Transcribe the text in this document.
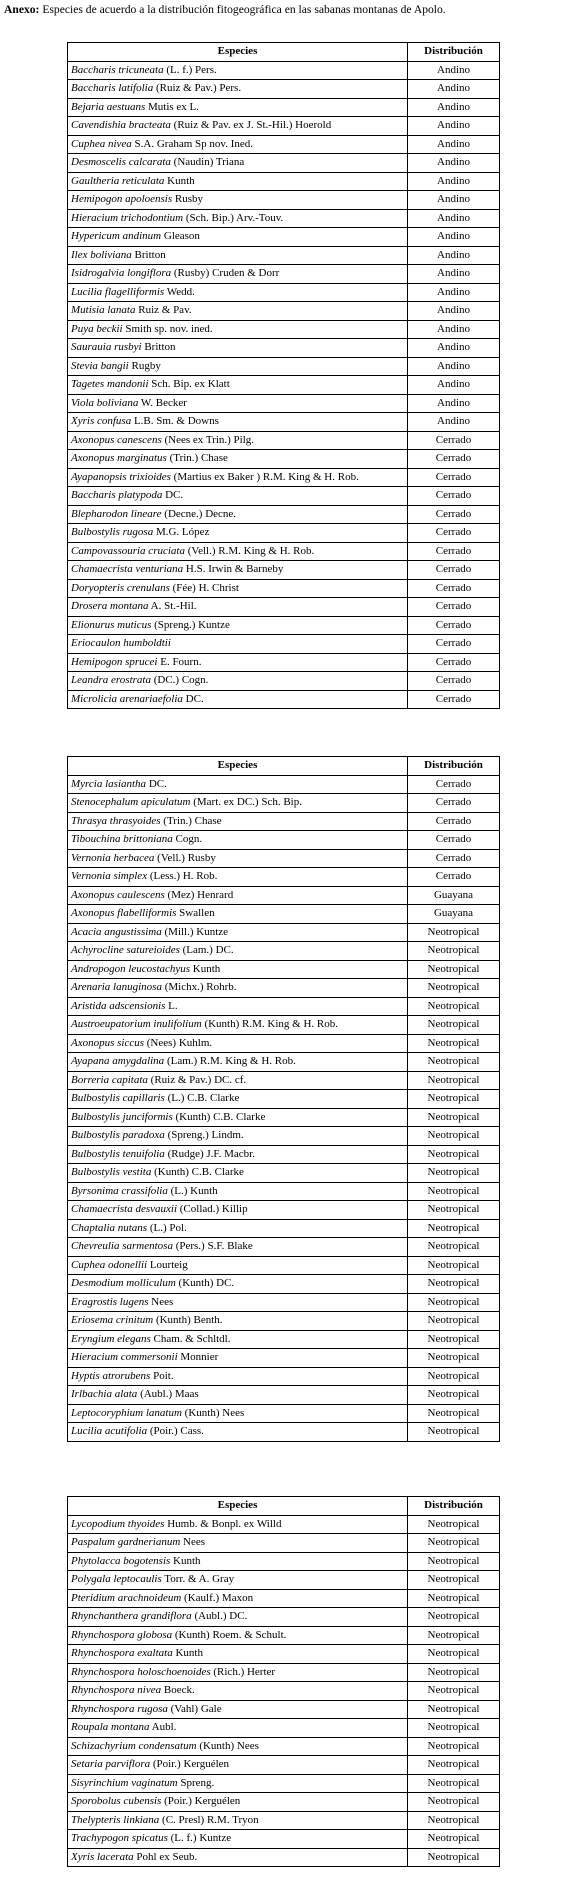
Anexo: Especies de acuerdo a la distribución fitogeográfica en las sabanas montanas de Apolo.
Especies	Distribución
Baccharis tricuneata (L. f.) Pers.	Andino
Baccharis latifolia (Ruiz & Pav.) Pers.	Andino
Bejaria aestuans Mutis ex L.	Andino
Cavendishia bracteata (Ruiz & Pav. ex J. St.-Hil.) Hoerold	Andino
Cuphea nivea S.A. Graham Sp nov. Ined.	Andino
Desmoscelis calcarata (Naudin) Triana	Andino
Gaultheria reticulata Kunth	Andino
Hemipogon apoloensis Rusby	Andino
Hieracium trichodontium (Sch. Bip.) Arv.-Touv.	Andino
Hypericum andinum Gleason	Andino
Ilex boliviana Britton	Andino
Isidrogalvia longiflora (Rusby) Cruden & Dorr	Andino
Lucilia flagelliformis Wedd.	Andino
Mutisia lanata Ruiz & Pav.	Andino
Puya beckii Smith sp. nov. ined.	Andino
Saurauia rusbyi Britton	Andino
Stevia bangii Rugby	Andino
Tagetes mandonii Sch. Bip. ex Klatt	Andino
Viola boliviana W. Becker	Andino
Xyris confusa L.B. Sm. & Downs	Andino
Axonopus canescens (Nees ex Trin.) Pilg.	Cerrado
Axonopus marginatus (Trin.) Chase	Cerrado
Ayapanopsis trixioides (Martius ex Baker ) R.M. King & H. Rob.	Cerrado
Baccharis platypoda DC.	Cerrado
Blepharodon lineare (Decne.) Decne.	Cerrado
Bulbostylis rugosa M.G. López	Cerrado
Campovassouria cruciata (Vell.) R.M. King & H. Rob.	Cerrado
Chamaecrista venturiana H.S. Irwin & Barneby	Cerrado
Doryopteris crenulans (Fée) H. Christ	Cerrado
Drosera montana A. St.-Hil.	Cerrado
Elionurus muticus (Spreng.) Kuntze	Cerrado
Eriocaulon humboldtii	Cerrado
Hemipogon sprucei E. Fourn.	Cerrado
Leandra erostrata (DC.) Cogn.	Cerrado
Microlicia arenariaefolia DC.	Cerrado
Especies	Distribución
Myrcia lasiantha DC.	Cerrado
Stenocephalum apiculatum (Mart. ex DC.) Sch. Bip.	Cerrado
Thrasya thrasyoides (Trin.) Chase	Cerrado
Tibouchina brittoniana Cogn.	Cerrado
Vernonia herbacea (Vell.) Rusby	Cerrado
Vernonia simplex (Less.) H. Rob.	Cerrado
Axonopus caulescens (Mez) Henrard	Guayana
Axonopus flabelliformis Swallen	Guayana
Acacia angustissima (Mill.) Kuntze	Neotropical
Achyrocline satureioides (Lam.) DC.	Neotropical
Andropogon leucostachyus Kunth	Neotropical
Arenaria lanuginosa (Michx.) Rohrb.	Neotropical
Aristida adscensionis L.	Neotropical
Austroeupatorium inulifolium (Kunth) R.M. King & H. Rob.	Neotropical
Axonopus siccus (Nees) Kuhlm.	Neotropical
Ayapana amygdalina (Lam.) R.M. King & H. Rob.	Neotropical
Borreria capitata (Ruiz & Pav.) DC. cf.	Neotropical
Bulbostylis capillaris (L.) C.B. Clarke	Neotropical
Bulbostylis junciformis (Kunth) C.B. Clarke	Neotropical
Bulbostylis paradoxa (Spreng.) Lindm.	Neotropical
Bulbostylis tenuifolia (Rudge) J.F. Macbr.	Neotropical
Bulbostylis vestita (Kunth) C.B. Clarke	Neotropical
Byrsonima crassifolia (L.) Kunth	Neotropical
Chamaecrista desvauxii (Collad.) Killip	Neotropical
Chaptalia nutans (L.) Pol.	Neotropical
Chevreulia sarmentosa (Pers.) S.F. Blake	Neotropical
Cuphea odonellii Lourteig	Neotropical
Desmodium molliculum (Kunth) DC.	Neotropical
Eragrostis lugens Nees	Neotropical
Eriosema crinitum (Kunth) Benth.	Neotropical
Eryngium elegans Cham. & Schltdl.	Neotropical
Hieracium commersonii Monnier	Neotropical
Hyptis atrorubens Poit.	Neotropical
Irlbachia alata (Aubl.) Maas	Neotropical
Leptocoryphium lanatum (Kunth) Nees	Neotropical
Lucilia acutifolia (Poir.) Cass.	Neotropical
Especies	Distribución
Lycopodium thyoides Humb. & Bonpl. ex Willd	Neotropical
Paspalum gardnerianum Nees	Neotropical
Phytolacca bogotensis Kunth	Neotropical
Polygala leptocaulis Torr. & A. Gray	Neotropical
Pteridium arachnoideum (Kaulf.) Maxon	Neotropical
Rhynchanthera grandiflora (Aubl.) DC.	Neotropical
Rhynchospora globosa (Kunth) Roem. & Schult.	Neotropical
Rhynchospora exaltata Kunth	Neotropical
Rhynchospora holoschoenoides (Rich.) Herter	Neotropical
Rhynchospora nivea Boeck.	Neotropical
Rhynchospora rugosa (Vahl) Gale	Neotropical
Roupala montana Aubl.	Neotropical
Schizachyrium condensatum (Kunth) Nees	Neotropical
Setaria parviflora (Poir.) Kerguélen	Neotropical
Sisyrinchium vaginatum Spreng.	Neotropical
Sporobolus cubensis (Poir.) Kerguélen	Neotropical
Thelypteris linkiana (C. Presl) R.M. Tryon	Neotropical
Trachypogon spicatus (L. f.) Kuntze	Neotropical
Xyris lacerata Pohl ex Seub.	Neotropical
